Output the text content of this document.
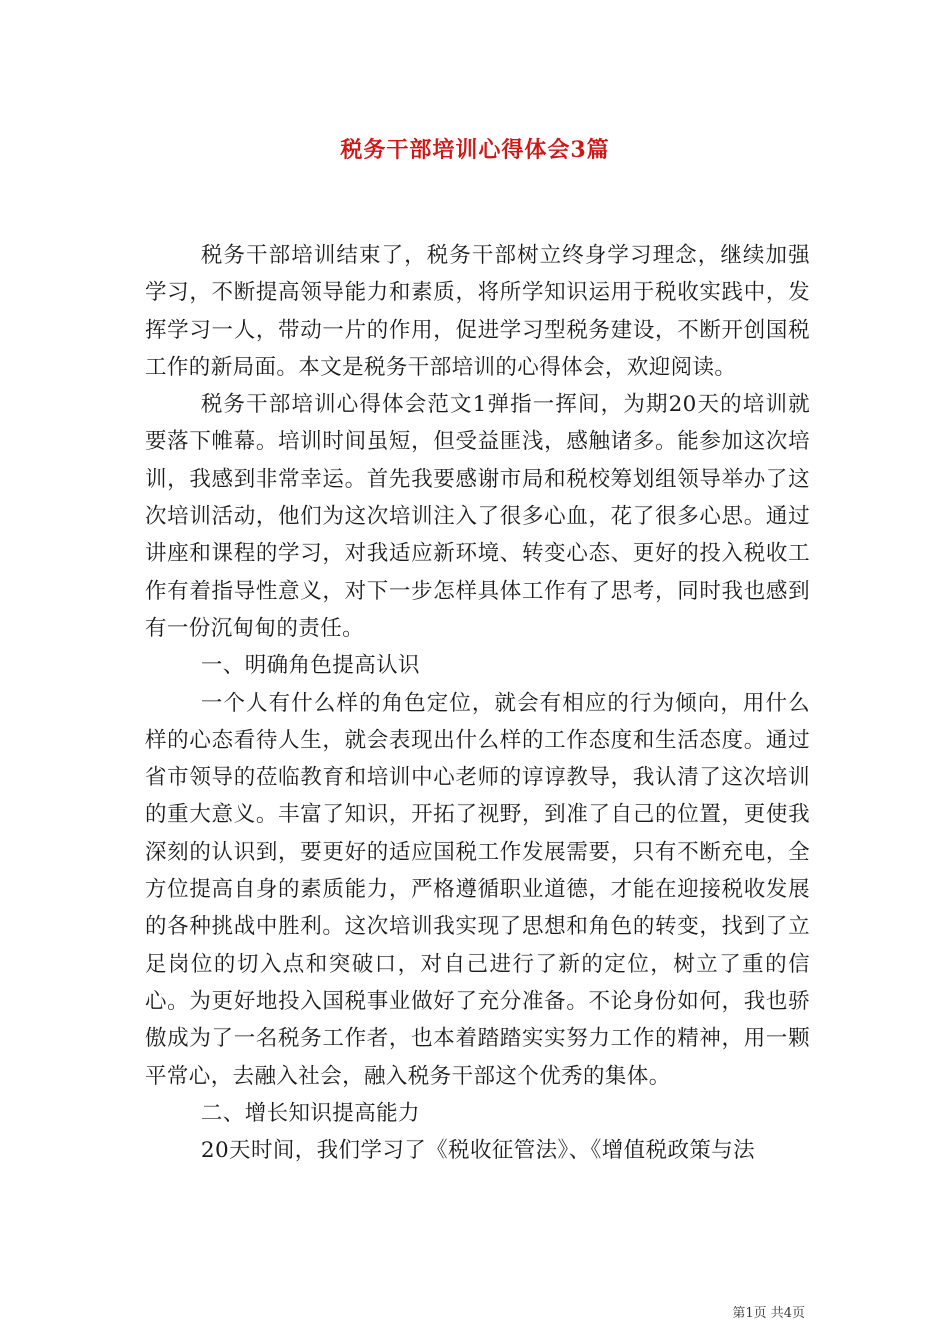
税务干部培训心得体会3篇

税务干部培训结束了，税务干部树立终身学习理念，继续加强学习，不断提高领导能力和素质，将所学知识运用于税收实践中，发挥学习一人，带动一片的作用，促进学习型税务建设，不断开创国税工作的新局面。本文是税务干部培训的心得体会，欢迎阅读。

税务干部培训心得体会范文1弹指一挥间，为期20天的培训就要落下帷幕。培训时间虽短，但受益匪浅，感触诸多。能参加这次培训，我感到非常幸运。首先我要感谢市局和税校筹划组领导举办了这次培训活动，他们为这次培训注入了很多心血，花了很多心思。通过讲座和课程的学习，对我适应新环境、转变心态、更好的投入税收工作有着指导性意义，对下一步怎样具体工作有了思考，同时我也感到有一份沉甸甸的责任。

一、明确角色提高认识

一个人有什么样的角色定位，就会有相应的行为倾向，用什么样的心态看待人生，就会表现出什么样的工作态度和生活态度。通过省市领导的莅临教育和培训中心老师的谆谆教导，我认清了这次培训的重大意义。丰富了知识，开拓了视野，到准了自己的位置，更使我深刻的认识到，要更好的适应国税工作发展需要，只有不断充电，全方位提高自身的素质能力，严格遵循职业道德，才能在迎接税收发展的各种挑战中胜利。这次培训我实现了思想和角色的转变，找到了立足岗位的切入点和突破口，对自己进行了新的定位，树立了重的信心。为更好地投入国税事业做好了充分准备。不论身份如何，我也骄傲成为了一名税务工作者，也本着踏踏实实努力工作的精神，用一颗平常心，去融入社会，融入税务干部这个优秀的集体。

二、增长知识提高能力

20天时间，我们学习了《税收征管法》、《增值税政策与法

第1页 共4页
